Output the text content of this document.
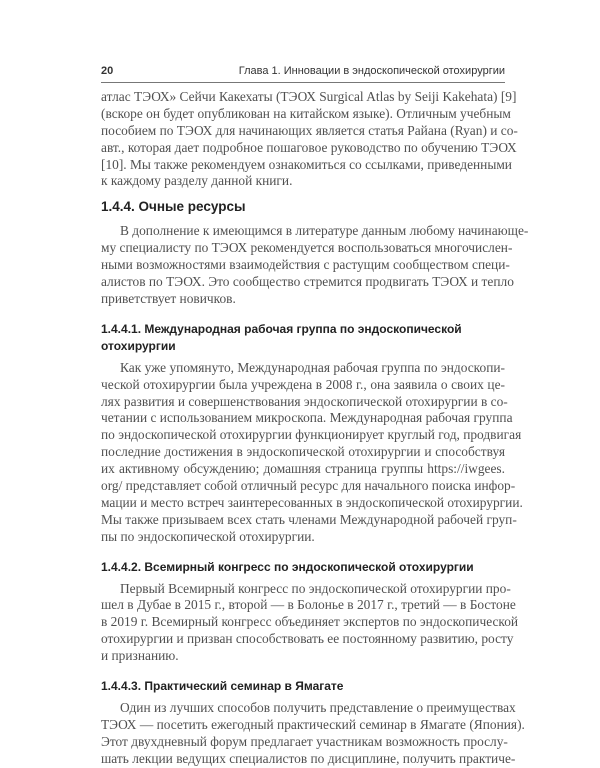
20	Глава 1. Инновации в эндоскопической отохирургии
атлас ТЭОХ» Сейчи Какехаты (ТЭОХ Surgical Atlas by Seiji Kakehata) [9]
(вскоре он будет опубликован на китайском языке). Отличным учебным
пособием по ТЭОХ для начинающих является статья Райана (Ryan) и со-
авт., которая дает подробное пошаговое руководство по обучению ТЭОХ
[10]. Мы также рекомендуем ознакомиться со ссылками, приведенными
к каждому разделу данной книги.
1.4.4. Очные ресурсы
В дополнение к имеющимся в литературе данным любому начинающе-
му специалисту по ТЭОХ рекомендуется воспользоваться многочислен-
ными возможностями взаимодействия с растущим сообществом специ-
алистов по ТЭОХ. Это сообщество стремится продвигать ТЭОХ и тепло
приветствует новичков.
1.4.4.1. Международная рабочая группа по эндоскопической
отохирургии
Как уже упомянуто, Международная рабочая группа по эндоскопи-
ческой отохирургии была учреждена в 2008 г., она заявила о своих це-
лях развития и совершенствования эндоскопической отохирургии в со-
четании с использованием микроскопа. Международная рабочая группа
по эндоскопической отохирургии функционирует круглый год, продвигая
последние достижения в эндоскопической отохирургии и способствуя
их активному обсуждению; домашняя страница группы https://iwgees.
org/ представляет собой отличный ресурс для начального поиска инфор-
мации и место встреч заинтересованных в эндоскопической отохирургии.
Мы также призываем всех стать членами Международной рабочей груп-
пы по эндоскопической отохирургии.
1.4.4.2. Всемирный конгресс по эндоскопической отохирургии
Первый Всемирный конгресс по эндоскопической отохирургии про-
шел в Дубае в 2015 г., второй — в Болонье в 2017 г., третий — в Бостоне
в 2019 г. Всемирный конгресс объединяет экспертов по эндоскопической
отохирургии и призван способствовать ее постоянному развитию, росту
и признанию.
1.4.4.3. Практический семинар в Ямагате
Один из лучших способов получить представление о преимуществах
ТЭОХ — посетить ежегодный практический семинар в Ямагате (Япония).
Этот двухдневный форум предлагает участникам возможность прослу-
шать лекции ведущих специалистов по дисциплине, получить практиче-
